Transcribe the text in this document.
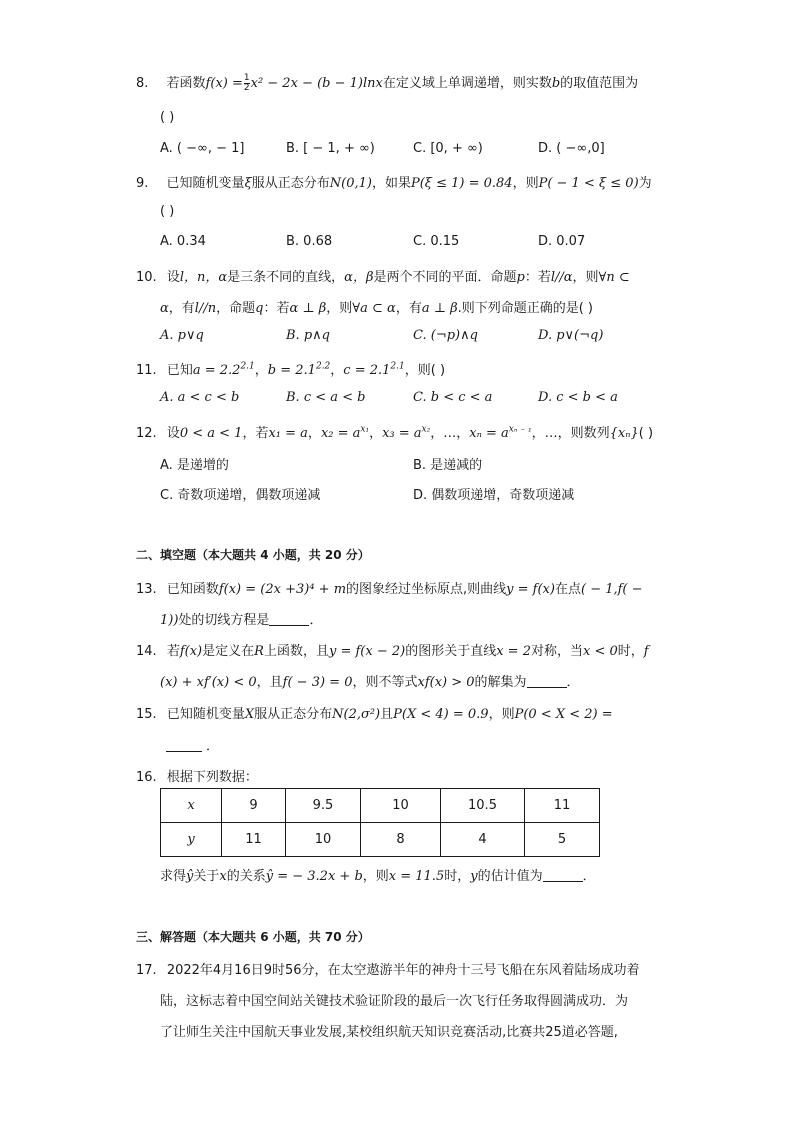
8. 若函数$f(x) = \frac{1}{2} x^2 - 2x - (b - 1)\ln x$在定义域上单调递增，则实数b的取值范围为
( )
A. ( −∞, − 1]	B. [ − 1, + ∞)	C. [0, + ∞)	D. ( −∞,0]
9. 已知随机变量ξ服从正态分布N(0,1)，如果P(ξ ≤ 1) = 0.84，则P( − 1 < ξ ≤ 0)为
( )
A. 0.34	B. 0.68	C. 0.15	D. 0.07
10. 设l，n，α是三条不同的直线，α，β是两个不同的平面．命题p：若l//α，则∀n ⊂
α，有l//n，命题q：若α ⊥ β，则∀a ⊂ α，有a ⊥ β.则下列命题正确的是( )
A. p∨q	B. p∧q	C. (¬p)∧q	D. p∨(¬q)
11. 已知$a = 2.2^{2.1}$，$b = 2.1^{2.2}$，$c = 2.1^{2.1}$，则( )
A. a < c < b	B. c < a < b	C. b < c < a	D. c < b < a
12. 设0 < a < 1，若x₁ = a，$x_2 = a^{x_1}$，$x_3 = a^{x_2}$，…，$x_n = a^{x_n _- _1}$，…，则数列{xₙ}( )
A. 是递增的	B. 是递减的
C. 奇数项递增，偶数项递减	D. 偶数项递增，奇数项递减
二、填空题（本大题共 4 小题，共 20 分）
13. 已知函数f(x) = (2x +3)⁴ + m的图象经过坐标原点,则曲线y = f(x)在点( − 1,f( −
1))处的切线方程是	．
14. 若f(x)是定义在R上函数，且y = f(x − 2)的图形关于直线x = 2对称，当x < 0时，f
(x) + xf′(x) < 0，且f( − 3) = 0，则不等式xf(x) > 0的解集为	．
15. 已知随机变量X服从正态分布N(2,σ²)且P(X < 4) = 0.9，则P(0 < X < 2) =
．
16. 根据下列数据：
x	9	9.5	10	10.5	11
y	11	10	8	4	5
求得ŷ关于x的关系ŷ = − 3.2x + b，则x = 11.5时，y的估计值为	．
三、解答题（本大题共 6 小题，共 70 分）
17. 2022年4月16日9时56分，在太空遨游半年的神舟十三号飞船在东风着陆场成功着
陆，这标志着中国空间站关键技术验证阶段的最后一次飞行任务取得圆满成功．为
了让师生关注中国航天事业发展,某校组织航天知识竞赛活动,比赛共25道必答题,
